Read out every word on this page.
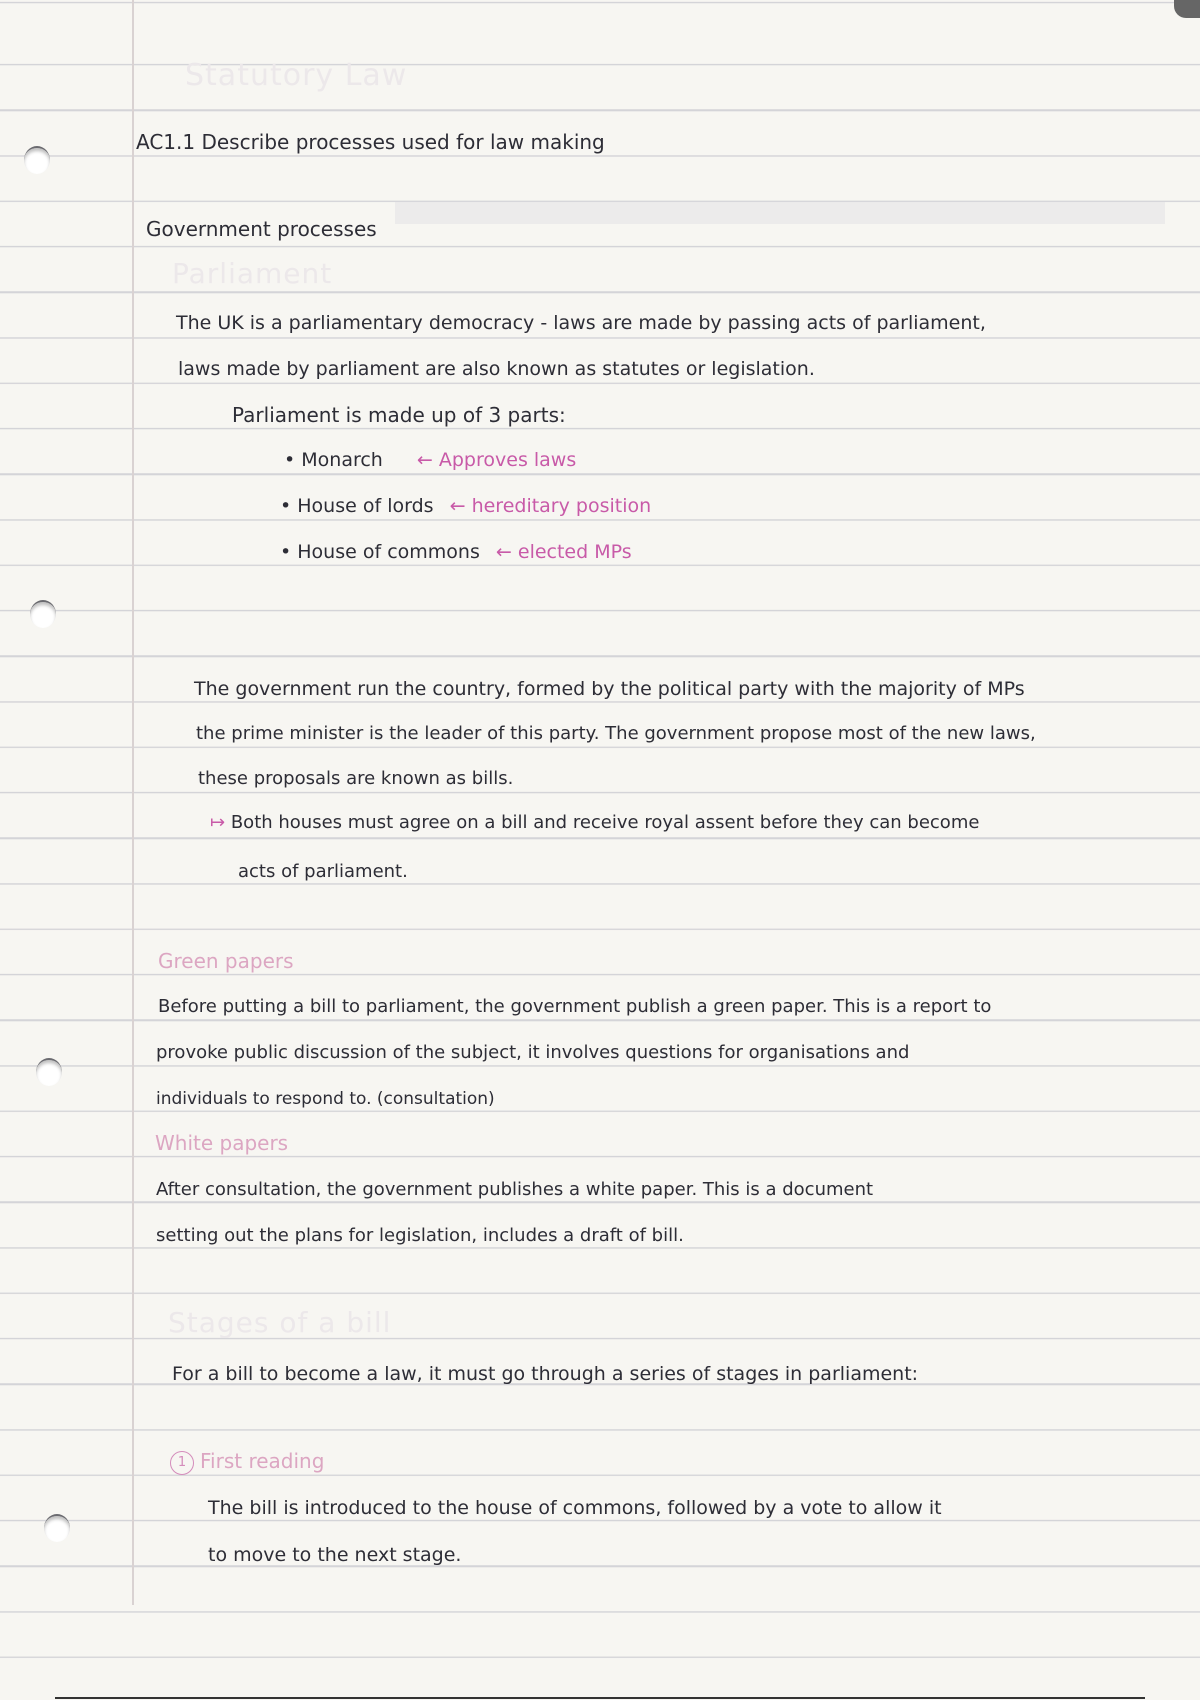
Statutory Law
AC1.1 Describe processes used for law making
Government processes
Parliament
The UK is a parliamentary democracy - laws are made by passing acts of parliament,
laws made by parliament are also known as statutes or legislation.
Parliament is made up of 3 parts:
• Monarch ← Approves laws
• House of lords ← hereditary position
• House of commons ← elected MPs
The government run the country, formed by the political party with the majority of MPs
the prime minister is the leader of this party. The government propose most of the new laws,
these proposals are known as bills.
↦ Both houses must agree on a bill and receive royal assent before they can become
acts of parliament.
Green papers
Before putting a bill to parliament, the government publish a green paper. This is a report to
provoke public discussion of the subject, it involves questions for organisations and
individuals to respond to. (consultation)
White papers
After consultation, the government publishes a white paper. This is a document
setting out the plans for legislation, includes a draft of bill.
Stages of a bill
For a bill to become a law, it must go through a series of stages in parliament:
1 First reading
The bill is introduced to the house of commons, followed by a vote to allow it
to move to the next stage.
